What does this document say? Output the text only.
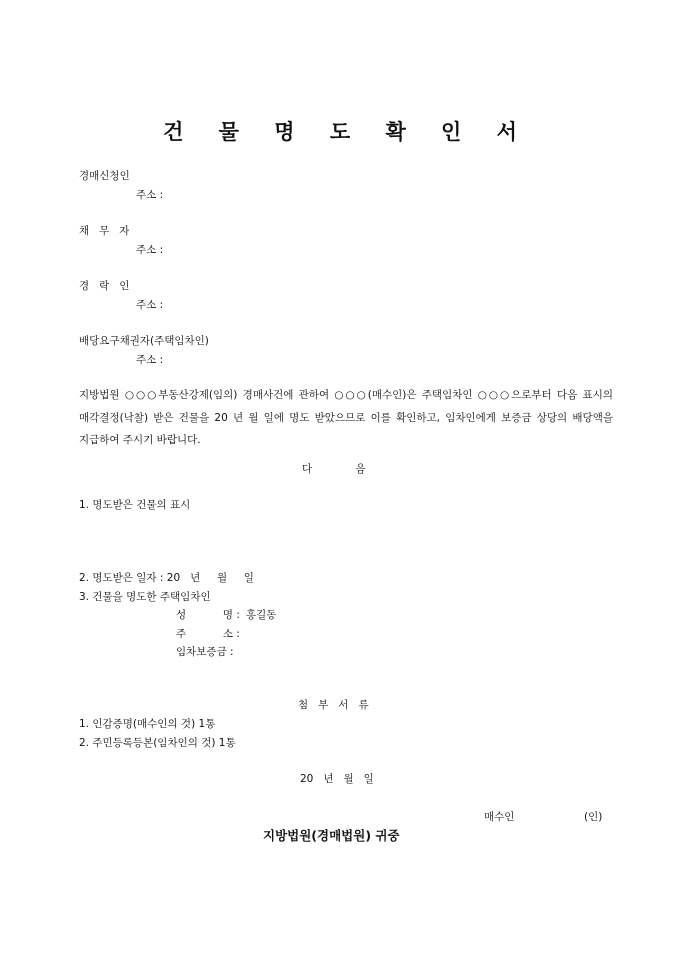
건 물 명 도 확 인 서
경매신청인
주소 :
채   무   자
주소 :
경   락   인
주소 :
배당요구채권자(주택임차인)
주소 :
지방법원 ○○○부동산강제(임의) 경매사건에 관하여 ○○○(매수인)은 주택임차인 ○○○으로부터 다음 표시의 매각결정(낙찰) 받은 건물을 20 년 월 일에 명도 받았으므로 이를 확인하고, 임차인에게 보증금 상당의 배당액을 지급하여 주시기 바랍니다.
다             음
1. 명도받은 건물의 표시
2. 명도받은 일자 : 20   년     월     일
3. 건물을 명도한 주택임차인
성           명 : 홍길동
주           소 :
임차보증금 :
첨   부   서   류
1. 인감증명(매수인의 것) 1통
2. 주민등록등본(임차인의 것) 1통
20   년   월   일
매수인	(인)
지방법원(경매법원) 귀중
